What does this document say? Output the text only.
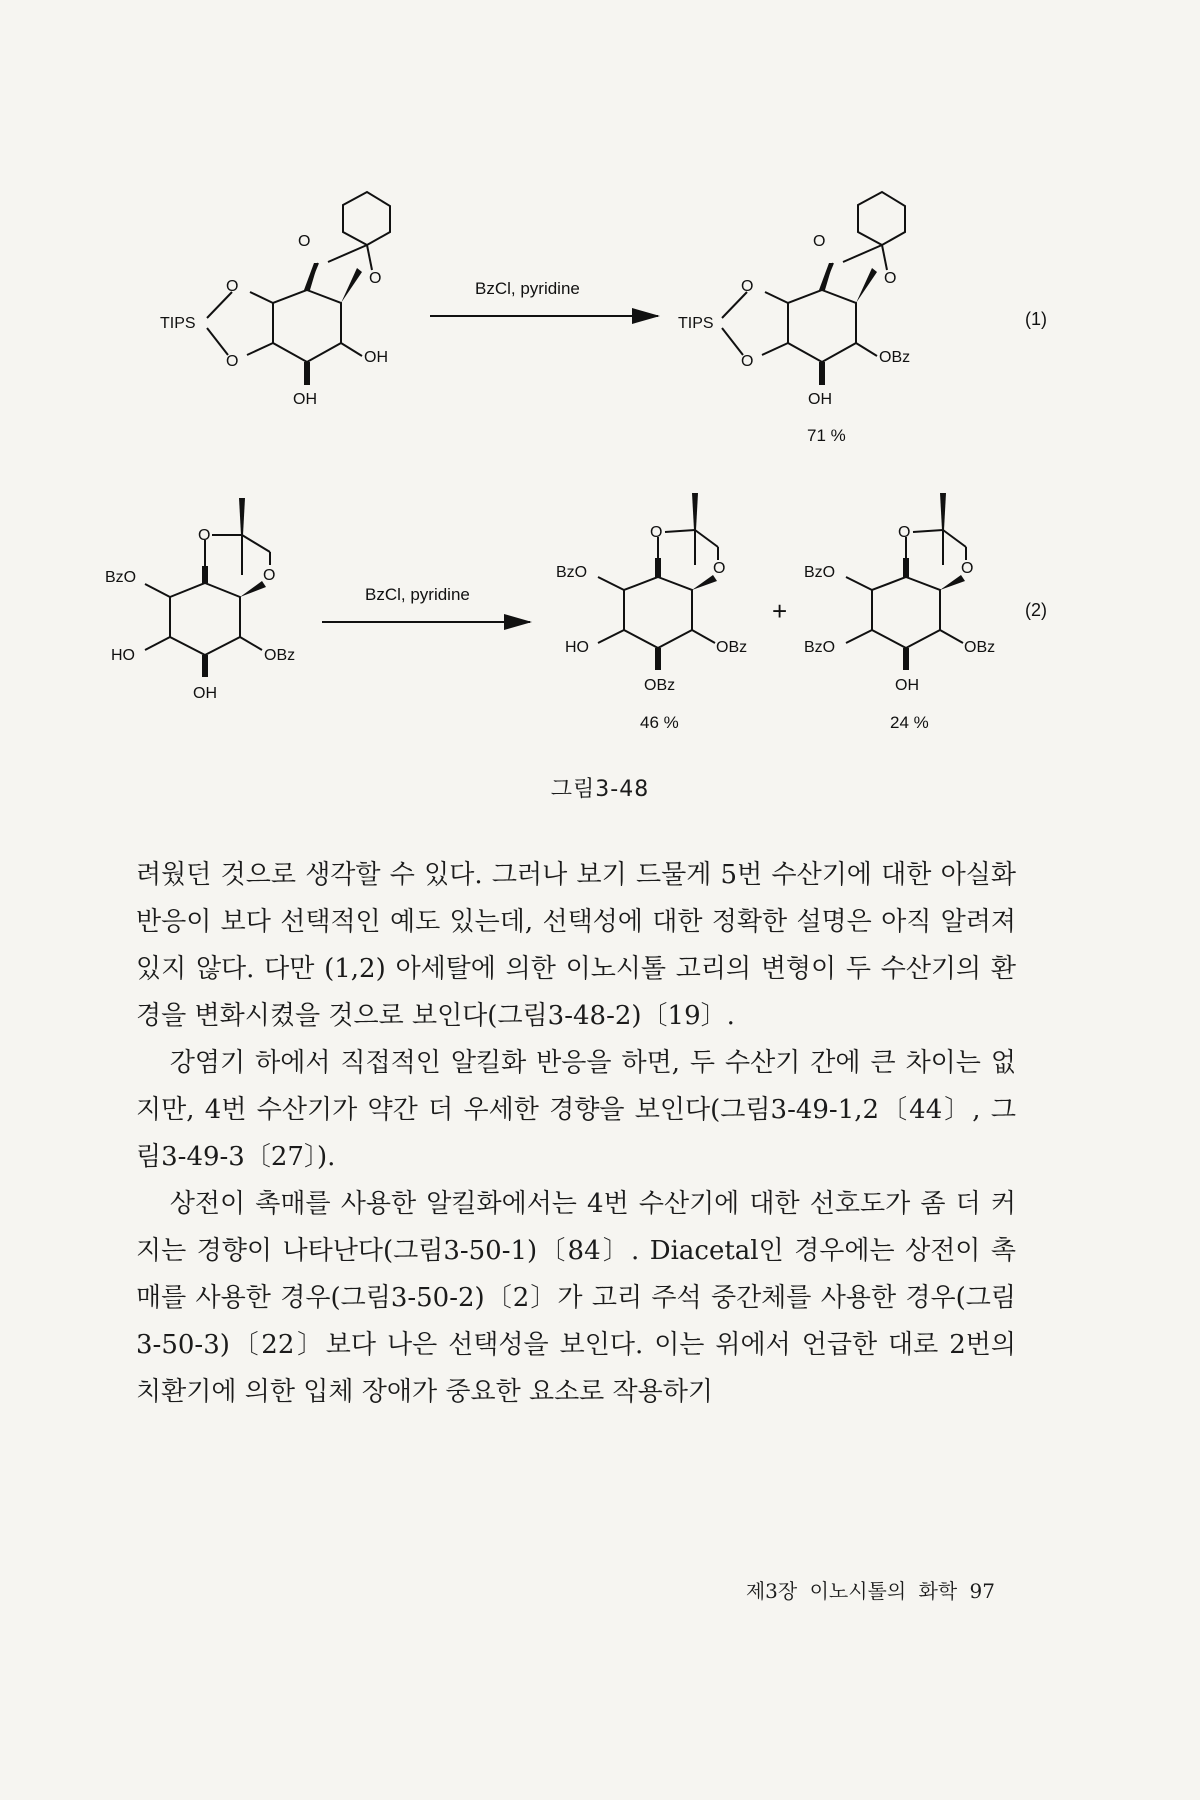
O
O
O
TIPS
O	OH
OH
BzCl, pyridine
O
O
O
TIPS
O	OBz
OH
71 %
(1)
O
O
BzO
HO	OBz
OH
BzCl, pyridine
O
O
BzO
HO	OBz
OBz
46 %
+
O
O
BzO
BzO	OBz
OH
24 %
(2)
그림3-48

려웠던 것으로 생각할 수 있다. 그러나 보기 드물게 5번 수산기에 대한 아실화 반응이 보다 선택적인 예도 있는데, 선택성에 대한 정확한 설명은 아직 알려져 있지 않다. 다만 (1,2) 아세탈에 의한 이노시톨 고리의 변형이 두 수산기의 환경을 변화시켰을 것으로 보인다(그림3-48-2)〔19〕.

강염기 하에서 직접적인 알킬화 반응을 하면, 두 수산기 간에 큰 차이는 없지만, 4번 수산기가 약간 더 우세한 경향을 보인다(그림3-49-1,2〔44〕, 그림3-49-3〔27〕).

상전이 촉매를 사용한 알킬화에서는 4번 수산기에 대한 선호도가 좀 더 커지는 경향이 나타난다(그림3-50-1)〔84〕. Diacetal인 경우에는 상전이 촉매를 사용한 경우(그림3-50-2)〔2〕가 고리 주석 중간체를 사용한 경우(그림3-50-3)〔22〕보다 나은 선택성을 보인다. 이는 위에서 언급한 대로 2번의 치환기에 의한 입체 장애가 중요한 요소로 작용하기

제3장 이노시톨의 화학 97
